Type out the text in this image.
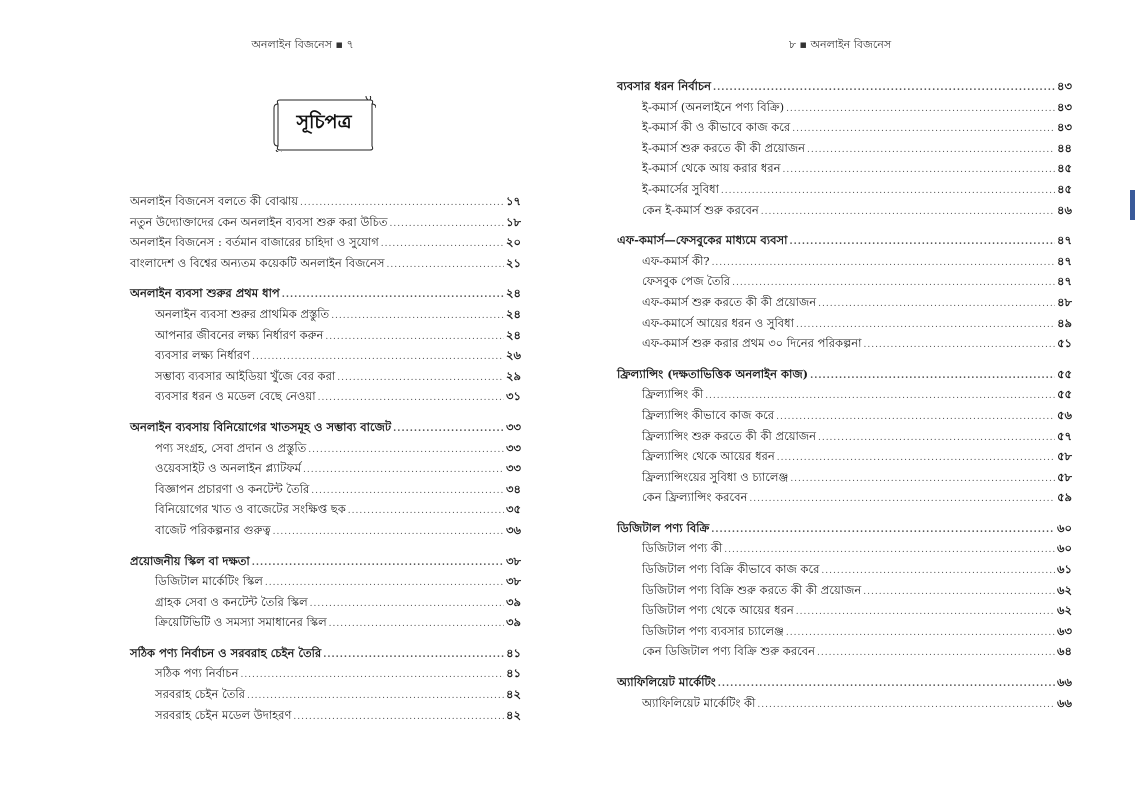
অনলাইন বিজনেস ▪ ৭
সূচিপত্র
অনলাইন বিজনেস বলতে কী বোঝায় .....	১৭
নতুন উদ্যোক্তাদের কেন অনলাইন ব্যবসা শুরু করা উচিত .....	১৮
অনলাইন বিজনেস : বর্তমান বাজারের চাহিদা ও সুযোগ .....	২০
বাংলাদেশ ও বিশ্বের অন্যতম কয়েকটি অনলাইন বিজনেস .....	২১
অনলাইন ব্যবসা শুরুর প্রথম ধাপ .....	২৪
অনলাইন ব্যবসা শুরুর প্রাথমিক প্রস্তুতি .....	২৪
আপনার জীবনের লক্ষ্য নির্ধারণ করুন .....	২৪
ব্যবসার লক্ষ্য নির্ধারণ .....	২৬
সম্ভাব্য ব্যবসার আইডিয়া খুঁজে বের করা .....	২৯
ব্যবসার ধরন ও মডেল বেছে নেওয়া .....	৩১
অনলাইন ব্যবসায় বিনিয়োগের খাতসমূহ ও সম্ভাব্য বাজেট .....	৩৩
পণ্য সংগ্রহ, সেবা প্রদান ও প্রস্তুতি .....	৩৩
ওয়েবসাইট ও অনলাইন প্ল্যাটফর্ম .....	৩৩
বিজ্ঞাপন প্রচারণা ও কনটেন্ট তৈরি .....	৩৪
বিনিয়োগের খাত ও বাজেটের সংক্ষিপ্ত ছক .....	৩৫
বাজেট পরিকল্পনার গুরুত্ব .....	৩৬
প্রয়োজনীয় স্কিল বা দক্ষতা .....	৩৮
ডিজিটাল মার্কেটিং স্কিল .....	৩৮
গ্রাহক সেবা ও কনটেন্ট তৈরি স্কিল .....	৩৯
ক্রিয়েটিভিটি ও সমস্যা সমাধানের স্কিল .....	৩৯
সঠিক পণ্য নির্বাচন ও সরবরাহ চেইন তৈরি .....	৪১
সঠিক পণ্য নির্বাচন .....	৪১
সরবরাহ চেইন তৈরি .....	৪২
সরবরাহ চেইন মডেল উদাহরণ .....	৪২
৮ ▪ অনলাইন বিজনেস
ব্যবসার ধরন নির্বাচন .....	৪৩
ই-কমার্স (অনলাইনে পণ্য বিক্রি) .....	৪৩
ই-কমার্স কী ও কীভাবে কাজ করে .....	৪৩
ই-কমার্স শুরু করতে কী কী প্রয়োজন .....	৪৪
ই-কমার্স থেকে আয় করার ধরন .....	৪৫
ই-কমার্সের সুবিধা .....	৪৫
কেন ই-কমার্স শুরু করবেন .....	৪৬
এফ-কমার্স—ফেসবুকের মাধ্যমে ব্যবসা .....	৪৭
এফ-কমার্স কী? .....	৪৭
ফেসবুক পেজ তৈরি .....	৪৭
এফ-কমার্স শুরু করতে কী কী প্রয়োজন .....	৪৮
এফ-কমার্সে আয়ের ধরন ও সুবিধা .....	৪৯
এফ-কমার্স শুরু করার প্রথম ৩০ দিনের পরিকল্পনা .....	৫১
ফ্রিল্যান্সিং (দক্ষতাভিত্তিক অনলাইন কাজ) .....	৫৫
ফ্রিল্যান্সিং কী .....	৫৫
ফ্রিল্যান্সিং কীভাবে কাজ করে .....	৫৬
ফ্রিল্যান্সিং শুরু করতে কী কী প্রয়োজন .....	৫৭
ফ্রিল্যান্সিং থেকে আয়ের ধরন .....	৫৮
ফ্রিল্যান্সিংয়ের সুবিধা ও চ্যালেঞ্জ .....	৫৮
কেন ফ্রিল্যান্সিং করবেন .....	৫৯
ডিজিটাল পণ্য বিক্রি .....	৬০
ডিজিটাল পণ্য কী .....	৬০
ডিজিটাল পণ্য বিক্রি কীভাবে কাজ করে .....	৬১
ডিজিটাল পণ্য বিক্রি শুরু করতে কী কী প্রয়োজন .....	৬২
ডিজিটাল পণ্য থেকে আয়ের ধরন .....	৬২
ডিজিটাল পণ্য ব্যবসার চ্যালেঞ্জ .....	৬৩
কেন ডিজিটাল পণ্য বিক্রি শুরু করবেন .....	৬৪
অ্যাফিলিয়েট মার্কেটিং .....	৬৬
অ্যাফিলিয়েট মার্কেটিং কী .....	৬৬
